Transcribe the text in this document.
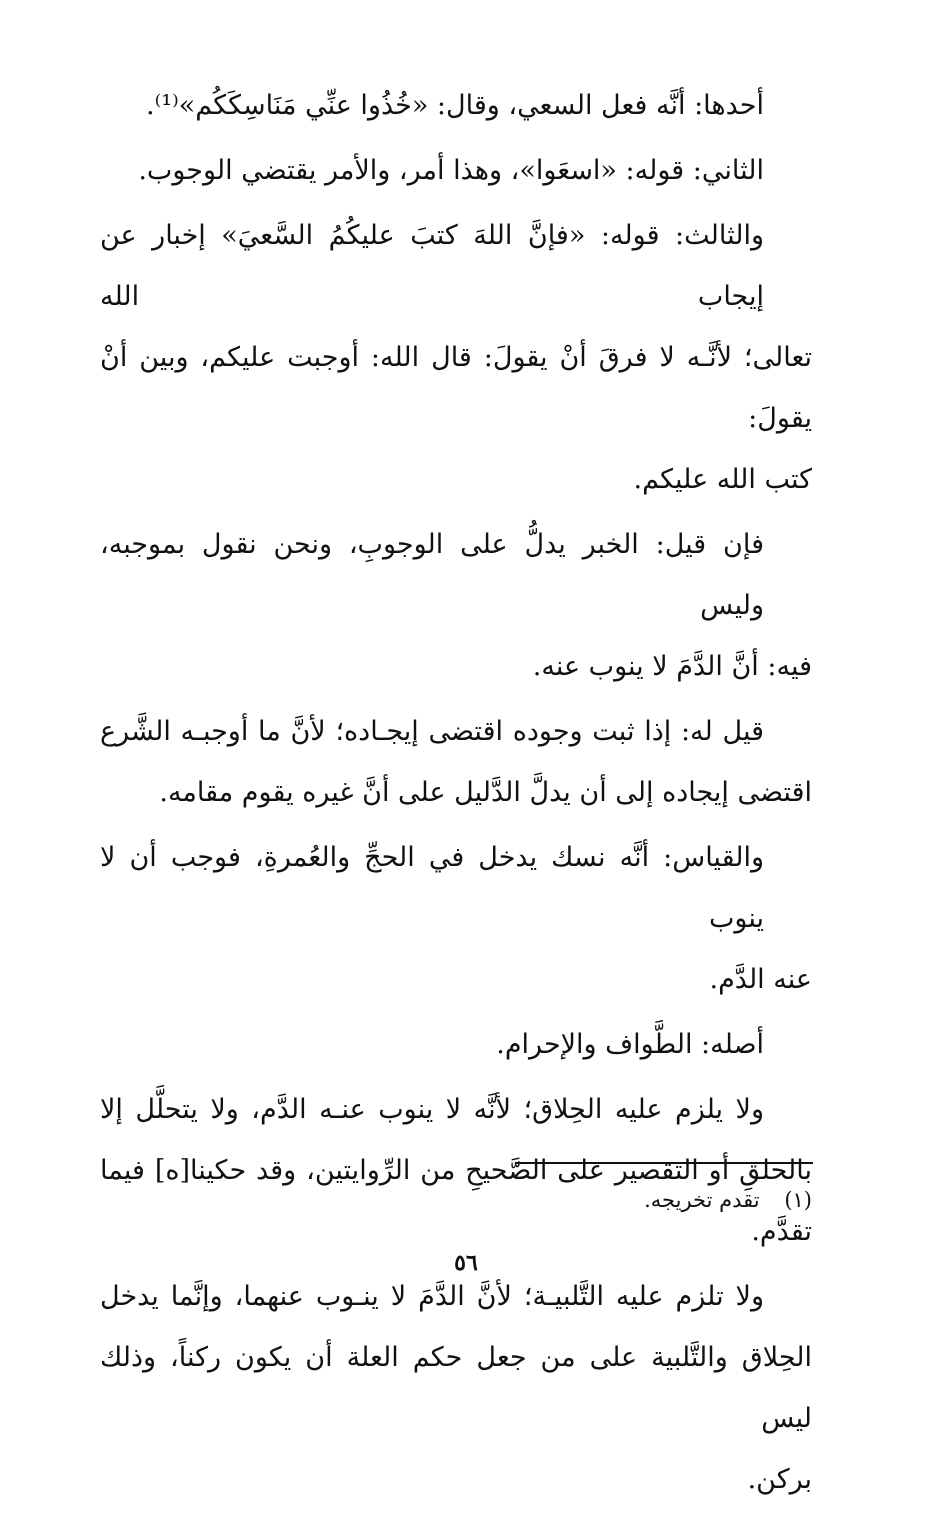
أحدها: أنَّه فعل السعي، وقال: «خُذُوا عنِّي مَنَاسِكَكُم»⁽¹⁾.

الثاني: قوله: «اسعَوا»، وهذا أمر، والأمر يقتضي الوجوب.

والثالث: قوله: «فإنَّ اللهَ كتبَ عليكُمُ السَّعيَ» إخبار عن إيجاب الله
تعالى؛ لأنَّـه لا فرقَ أنْ يقولَ: قال الله: أوجبت عليكم، وبين أنْ يقولَ:
كتب الله عليكم.

فإن قيل: الخبر يدلُّ على الوجوبِ، ونحن نقول بموجبه، وليس
فيه: أنَّ الدَّمَ لا ينوب عنه.

قيل له: إذا ثبت وجوده اقتضى إيجـاده؛ لأنَّ ما أوجبـه الشَّرع
اقتضى إيجاده إلى أن يدلَّ الدَّليل على أنَّ غيره يقوم مقامه.

والقياس: أنَّه نسك يدخل في الحجِّ والعُمرةِ، فوجب أن لا ينوب
عنه الدَّم.

أصله: الطَّواف والإحرام.

ولا يلزم عليه الحِلاق؛ لأنَّه لا ينوب عنـه الدَّم، ولا يتحلَّل إلا
بالحلقِ أو التقصير على الصَّحيحِ من الرِّوايتين، وقد حكينا[ه] فيما تقدَّم.

ولا تلزم عليه التَّلبيـة؛ لأنَّ الدَّمَ لا ينـوب عنهما، وإنَّما يدخل
الحِلاق والتَّلبية على من جعل حكم العلة أن يكون ركناً، وذلك ليس
بركن.

(١) تقدم تخريجه.
٥٦
